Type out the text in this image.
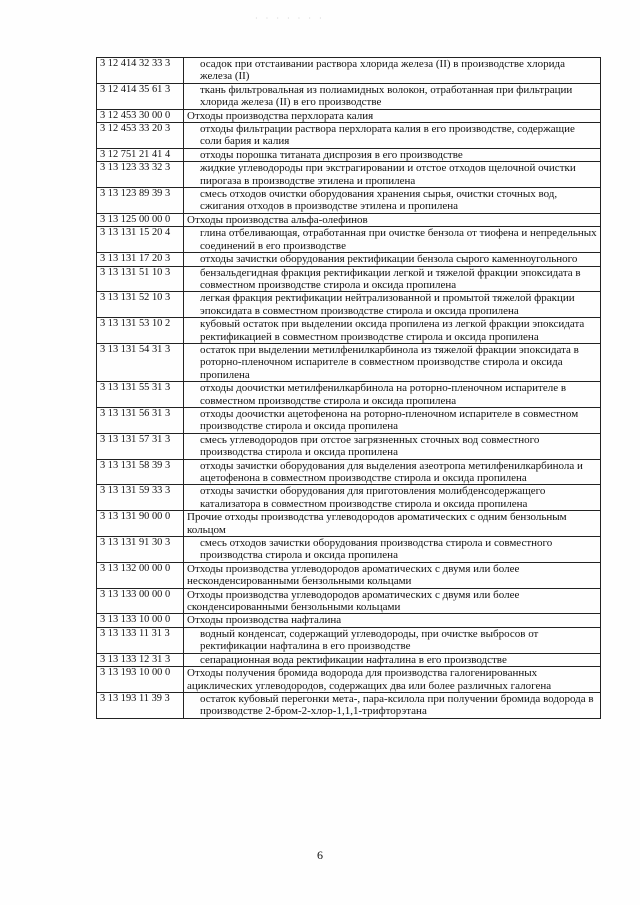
· · · · · · ·
3 12 414 32 33 3	осадок при отстаивании раствора хлорида железа (II) в производстве хлорида железа (II)
3 12 414 35 61 3	ткань фильтровальная из полиамидных волокон, отработанная при фильтрации хлорида железа (II) в его производстве
3 12 453 30 00 0	Отходы производства перхлората калия
3 12 453 33 20 3	отходы фильтрации раствора перхлората калия в его производстве, содержащие соли бария и калия
3 12 751 21 41 4	отходы порошка титаната диспрозия в его производстве
3 13 123 33 32 3	жидкие углеводороды при экстрагировании и отстое отходов щелочной очистки пирогаза в производстве этилена и пропилена
3 13 123 89 39 3	смесь отходов очистки оборудования хранения сырья, очистки сточных вод, сжигания отходов в производстве этилена и пропилена
3 13 125 00 00 0	Отходы производства альфа-олефинов
3 13 131 15 20 4	глина отбеливающая, отработанная при очистке бензола от тиофена и непредельных соединений в его производстве
3 13 131 17 20 3	отходы зачистки оборудования ректификации бензола сырого каменноугольного
3 13 131 51 10 3	бензальдегидная фракция ректификации легкой и тяжелой фракции эпоксидата в совместном производстве стирола и оксида пропилена
3 13 131 52 10 3	легкая фракция ректификации нейтрализованной и промытой тяжелой фракции эпоксидата в совместном производстве стирола и оксида пропилена
3 13 131 53 10 2	кубовый остаток при выделении оксида пропилена из легкой фракции эпоксидата ректификацией в совместном производстве стирола и оксида пропилена
3 13 131 54 31 3	остаток при выделении метилфенилкарбинола из тяжелой фракции эпоксидата в роторно-пленочном испарителе в совместном производстве стирола и оксида пропилена
3 13 131 55 31 3	отходы доочистки метилфенилкарбинола на роторно-пленочном испарителе в совместном производстве стирола и оксида пропилена
3 13 131 56 31 3	отходы доочистки ацетофенона на роторно-пленочном испарителе в совместном производстве стирола и оксида пропилена
3 13 131 57 31 3	смесь углеводородов при отстое загрязненных сточных вод совместного производства стирола и оксида пропилена
3 13 131 58 39 3	отходы зачистки оборудования для выделения азеотропа метилфенилкарбинола и ацетофенона в совместном производстве стирола и оксида пропилена
3 13 131 59 33 3	отходы зачистки оборудования для приготовления молибденсодержащего катализатора в совместном производстве стирола и оксида пропилена
3 13 131 90 00 0	Прочие отходы производства углеводородов ароматических с одним бензольным кольцом
3 13 131 91 30 3	смесь отходов зачистки оборудования производства стирола и совместного производства стирола и оксида пропилена
3 13 132 00 00 0	Отходы производства углеводородов ароматических с двумя или более несконденсированными бензольными кольцами
3 13 133 00 00 0	Отходы производства углеводородов ароматических с двумя или более сконденсированными бензольными кольцами
3 13 133 10 00 0	Отходы производства нафталина
3 13 133 11 31 3	водный конденсат, содержащий углеводороды, при очистке выбросов от ректификации нафталина в его производстве
3 13 133 12 31 3	сепарационная вода ректификации нафталина в его производстве
3 13 193 10 00 0	Отходы получения бромида водорода для производства галогенированных ациклических углеводородов, содержащих два или более различных галогена
3 13 193 11 39 3	остаток кубовый перегонки мета-, пара-ксилола при получении бромида водорода в производстве 2-бром-2-хлор-1,1,1-трифторэтана
6
